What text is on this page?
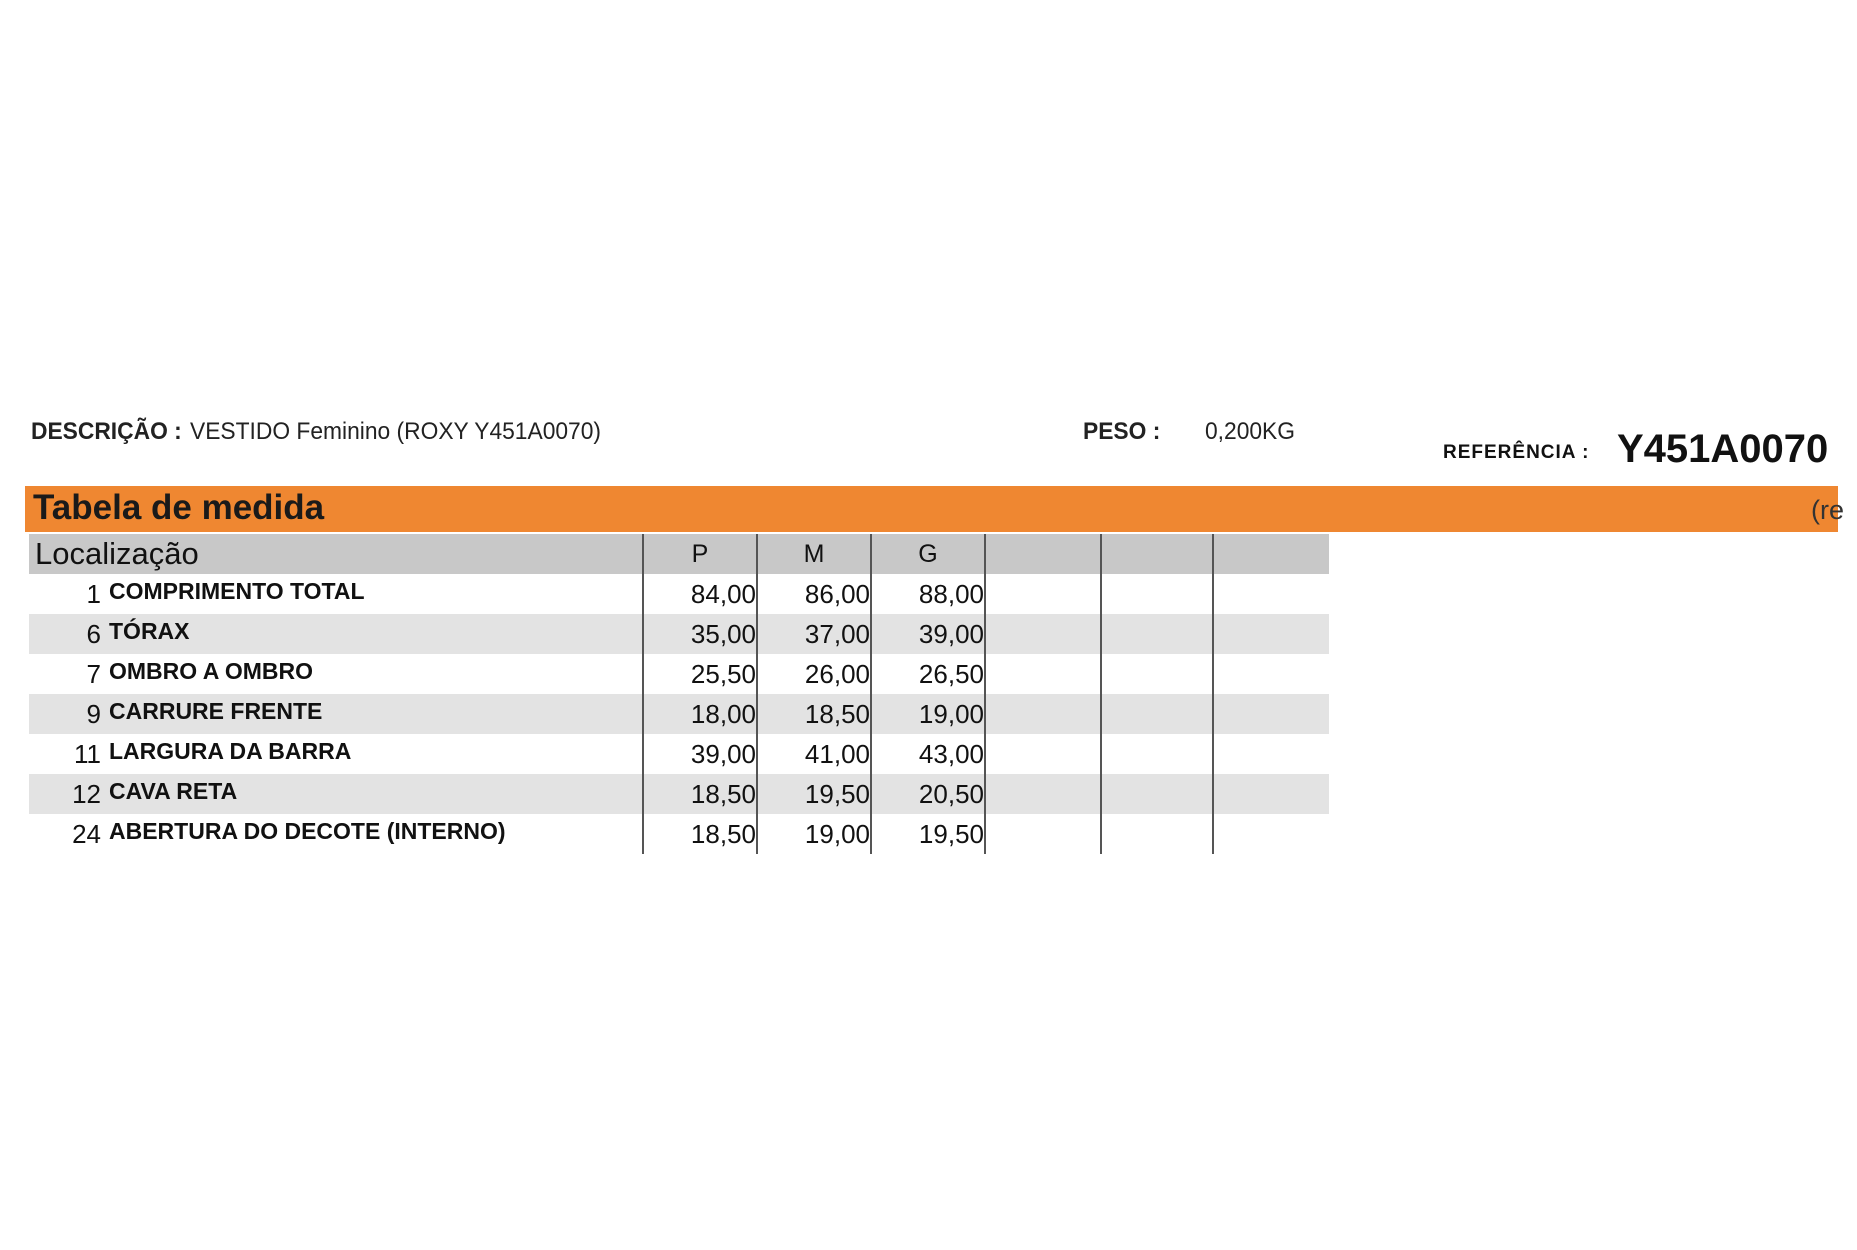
DESCRIÇÃO : VESTIDO Feminino (ROXY Y451A0070)	PESO : 0,200KG
REFERÊNCIA : Y451A0070
Tabela de medida	(re
Localização	P	M	G			
1 COMPRIMENTO TOTAL	84,00	86,00	88,00			
6 TÓRAX	35,00	37,00	39,00			
7 OMBRO A OMBRO	25,50	26,00	26,50			
9 CARRURE FRENTE	18,00	18,50	19,00			
11 LARGURA DA BARRA	39,00	41,00	43,00			
12 CAVA RETA	18,50	19,50	20,50			
24 ABERTURA DO DECOTE (INTERNO)	18,50	19,00	19,50			
